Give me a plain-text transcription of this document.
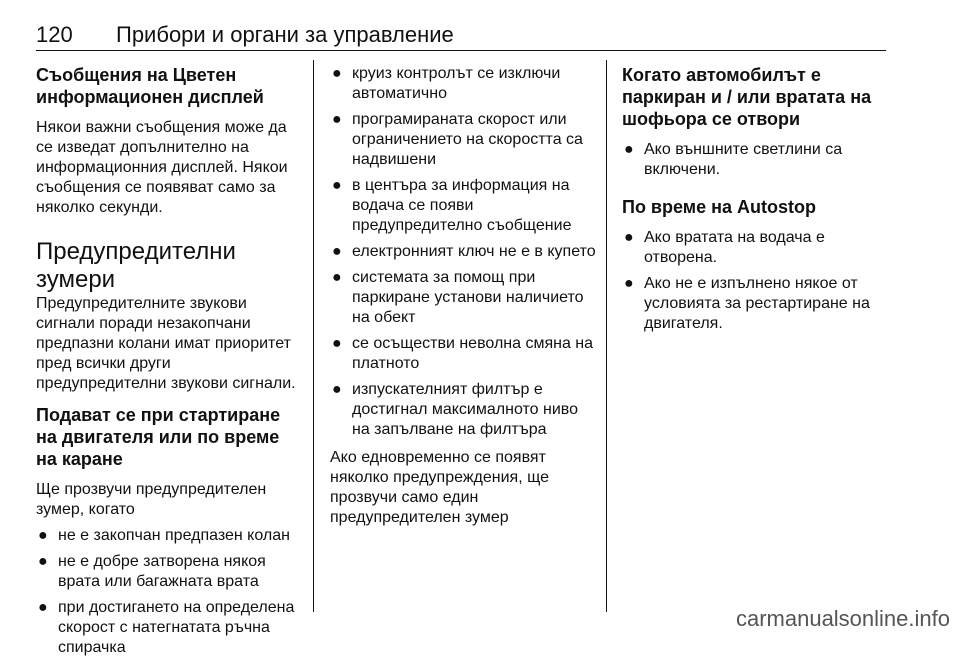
120 Прибори и органи за управление
Съобщения на Цветен информационен дисплей

Някои важни съобщения може да се изведат допълнително на информационния дисплей. Някои съобщения се появяват само за няколко секунди.

Предупредителни зумери

Предупредителните звукови сигнали поради незакопчани предпазни колани имат приоритет пред всички други предупредителни звукови сигнали.

Подават се при стартиране на двигателя или по време на каране

Ще прозвучи предупредителен зумер, когато

● не е закопчан предпазен колан
● не е добре затворена някоя врата или багажната врата
● при достигането на определена скорост с натегнатата ръчна спирачка
● круиз контролът се изключи автоматично
● програмираната скорост или ограничението на скоростта са надвишени
● в центъра за информация на водача се появи предупредително съобщение
● електронният ключ не е в купето
● системата за помощ при паркиране установи наличието на обект
● се осъществи неволна смяна на платното
● изпускателният филтър е достигнал максималното ниво на запълване на филтъра

Ако едновременно се появят няколко предупреждения, ще прозвучи само един предупредителен зумер

Когато автомобилът е паркиран и / или вратата на шофьора се отвори
● Ако външните светлини са включени.
По време на Autostop
● Ако вратата на водача е отворена.
● Ако не е изпълнено някое от условията за рестартиране на двигателя.
carmanualsonline.info
